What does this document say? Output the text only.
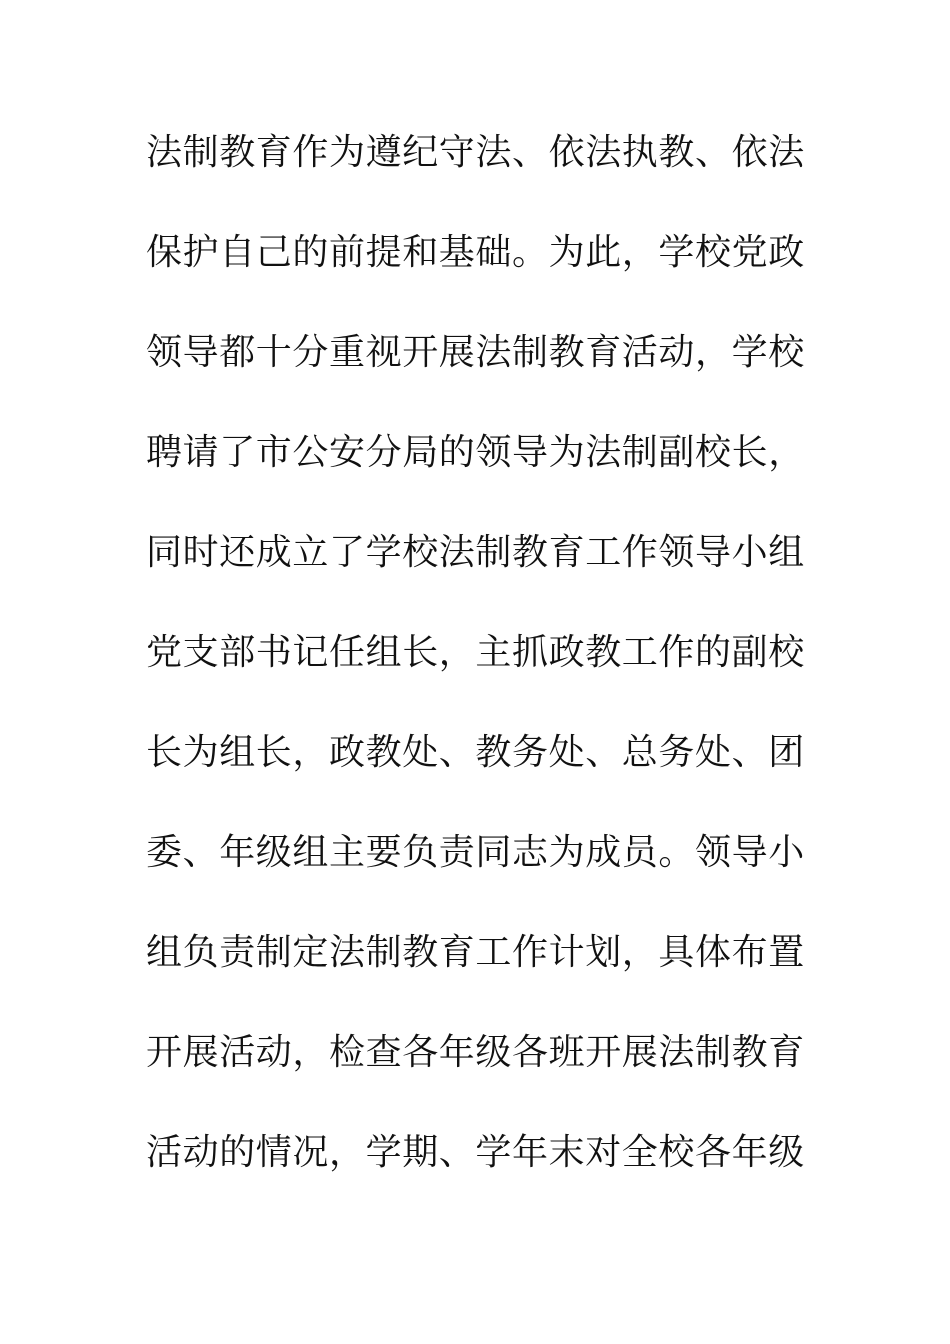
法制教育作为遵纪守法、依法执教、依法
保护自己的前提和基础。为此，学校党政
领导都十分重视开展法制教育活动，学校
聘请了市公安分局的领导为法制副校长，
同时还成立了学校法制教育工作领导小组
党支部书记任组长，主抓政教工作的副校
长为组长，政教处、教务处、总务处、团
委、年级组主要负责同志为成员。领导小
组负责制定法制教育工作计划，具体布置
开展活动，检查各年级各班开展法制教育
活动的情况，学期、学年末对全校各年级
